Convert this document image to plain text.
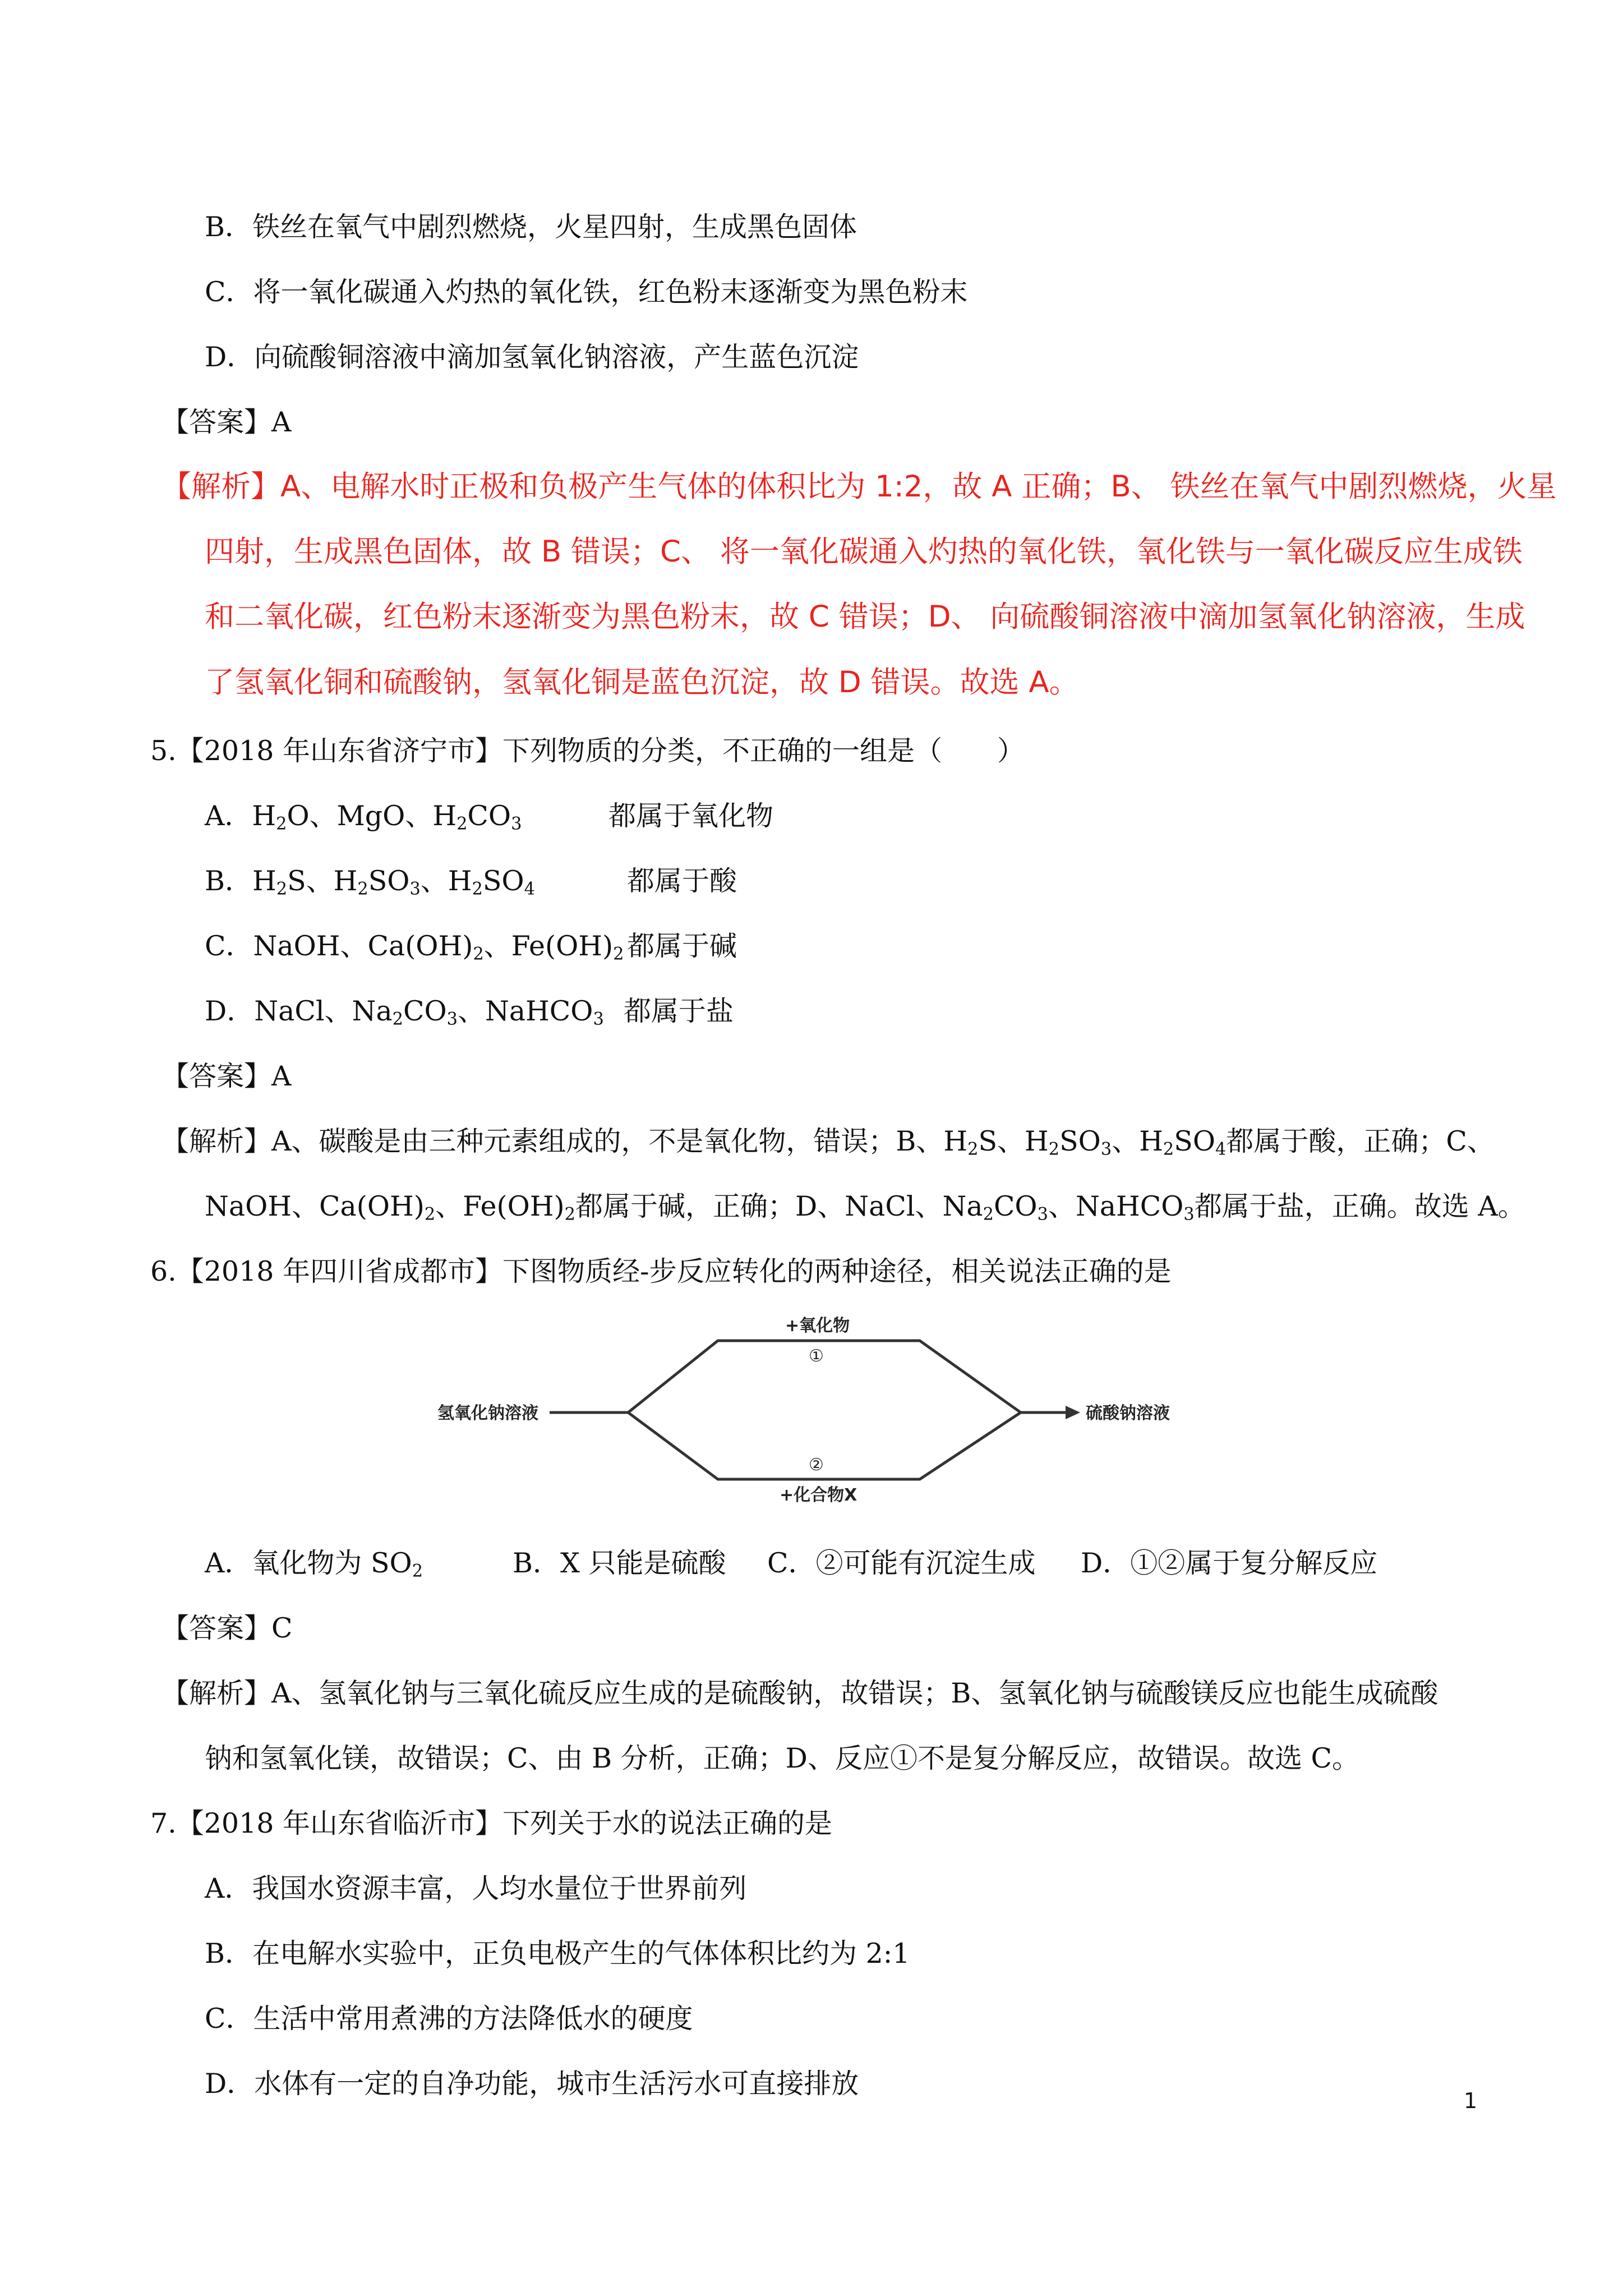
B．铁丝在氧气中剧烈燃烧，火星四射，生成黑色固体
C．将一氧化碳通入灼热的氧化铁，红色粉末逐渐变为黑色粉末
D．向硫酸铜溶液中滴加氢氧化钠溶液，产生蓝色沉淀
【答案】A
【解析】A、电解水时正极和负极产生气体的体积比为 1:2，故 A 正确；B、 铁丝在氧气中剧烈燃烧，火星
四射，生成黑色固体，故 B 错误；C、 将一氧化碳通入灼热的氧化铁，氧化铁与一氧化碳反应生成铁
和二氧化碳，红色粉末逐渐变为黑色粉末，故 C 错误；D、 向硫酸铜溶液中滴加氢氧化钠溶液，生成
了氢氧化铜和硫酸钠，氢氧化铜是蓝色沉淀，故 D 错误。故选 A。
5.【2018 年山东省济宁市】下列物质的分类，不正确的一组是（　　）
A．$H_2O$、MgO、$H_2CO_3$	都属于氧化物
B．$H_2S$、$H_2SO_3$、$H_2SO_4$	都属于酸
C．NaOH、$Ca(OH)_2$、$Fe(OH)_2$ 都属于碱
D．NaCl、$Na_2CO_3$、NaHCO$_3$ 都属于盐
【答案】A
【解析】A、碳酸是由三种元素组成的，不是氧化物，错误；B、$H_2S$、$H_2SO_3$、$H_2SO_4$都属于酸，正确；C、
NaOH、$Ca(OH)_2$、$Fe(OH)_2$都属于碱，正确；D、NaCl、$Na_2CO_3$、NaHCO$_3$都属于盐，正确。故选 A。
6.【2018 年四川省成都市】下图物质经-步反应转化的两种途径，相关说法正确的是
氢氧化钠溶液	硫酸钠溶液
+氧化物
①
②
+化合物X
A．氧化物为 $SO_2$	B．X 只能是硫酸 C．②可能有沉淀生成 D．①②属于复分解反应
【答案】C
【解析】A、氢氧化钠与三氧化硫反应生成的是硫酸钠，故错误；B、氢氧化钠与硫酸镁反应也能生成硫酸
钠和氢氧化镁，故错误；C、由 B 分析，正确；D、反应①不是复分解反应，故错误。故选 C。
7.【2018 年山东省临沂市】下列关于水的说法正确的是
A．我国水资源丰富，人均水量位于世界前列
B．在电解水实验中，正负电极产生的气体体积比约为 2:1
C．生活中常用煮沸的方法降低水的硬度
D．水体有一定的自净功能，城市生活污水可直接排放
1
